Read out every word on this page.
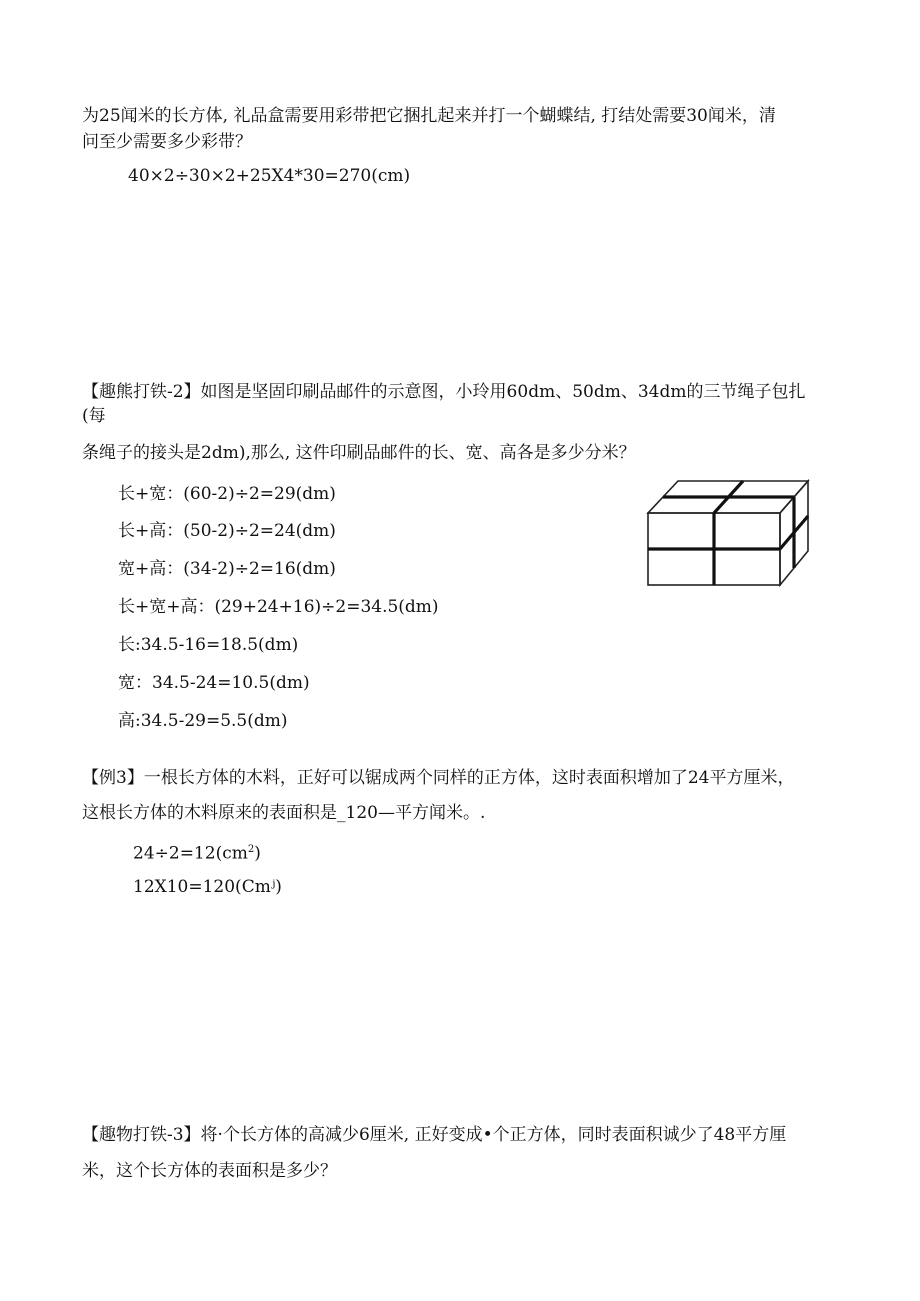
为25闻米的长方体, 礼品盒需要用彩带把它捆扎起来并打一个蝴蝶结, 打结处需要30闻米，清
问至少需要多少彩带？
40×2÷30×2+25X4*30=270(cm)
【趣熊打铁-2】如图是坚固印刷品邮件的示意图，小玲用60dm、50dm、34dm的三节绳子包扎
(每
条绳子的接头是2dm),那么, 这件印刷品邮件的长、宽、高各是多少分米？
长+宽：(60-2)÷2=29(dm)
长+高：(50-2)÷2=24(dm)
宽+高：(34-2)÷2=16(dm)
长+宽+高：(29+24+16)÷2=34.5(dm)
长:34.5-16=18.5(dm)
宽：34.5-24=10.5(dm)
高:34.5-29=5.5(dm)
【例3】一根长方体的木料，正好可以锯成两个同样的正方体，这时表面积增加了24平方厘米，
这根长方体的木料原来的表面积是_120—平方闻米。.
$24\div 2=12(cm^2)$
12X10=120(Cmʲ)
【趣物打铁-3】将·个长方体的高减少6厘米, 正好变成•个正方体，同时表面积诚少了48平方厘
米，这个长方体的表面积是多少？
